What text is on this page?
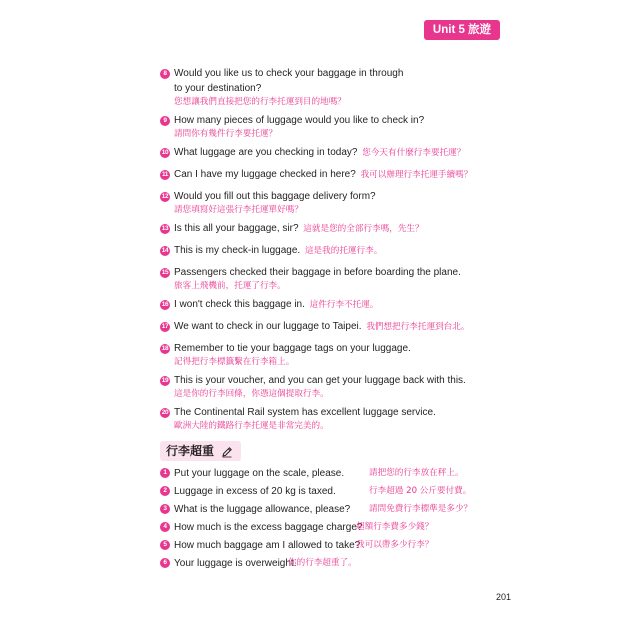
Unit 5 旅遊
8 Would you like us to check your baggage in through
to your destination?
您想讓我們直接把您的行李托運到目的地嗎？
9 How many pieces of luggage would you like to check in?
請問你有幾件行李要托運？
10 What luggage are you checking in today? 您今天有什麼行李要托運？
11 Can I have my luggage checked in here? 我可以辦理行李托運手續嗎？
12 Would you fill out this baggage delivery form?
請您填寫好這張行李托運單好嗎？
13 Is this all your baggage, sir? 這就是您的全部行李嗎，先生？
14 This is my check-in luggage. 這是我的托運行李。
15 Passengers checked their baggage in before boarding the plane.
旅客上飛機前，托運了行李。
16 I won't check this baggage in. 這件行李不托運。
17 We want to check in our luggage to Taipei. 我們想把行李托運到台北。
18 Remember to tie your baggage tags on your luggage.
記得把行李標籤繫在行李箱上。
19 This is your voucher, and you can get your luggage back with this.
這是你的行李回條，你憑這個提取行李。
20 The Continental Rail system has excellent luggage service.
歐洲大陸的鐵路行李托運是非常完美的。
行李超重
1 Put your luggage on the scale, please.	請把您的行李放在秤上。
2 Luggage in excess of 20 kg is taxed.	行李超過 20 公斤要付費。
3 What is the luggage allowance, please? 請問免費行李標準是多少？
4 How much is the excess baggage charge?
超額行李費多少錢？
5 How much baggage am I allowed to take?
我可以帶多少行李？
6 Your luggage is overweight.
你的行李超重了。
201
